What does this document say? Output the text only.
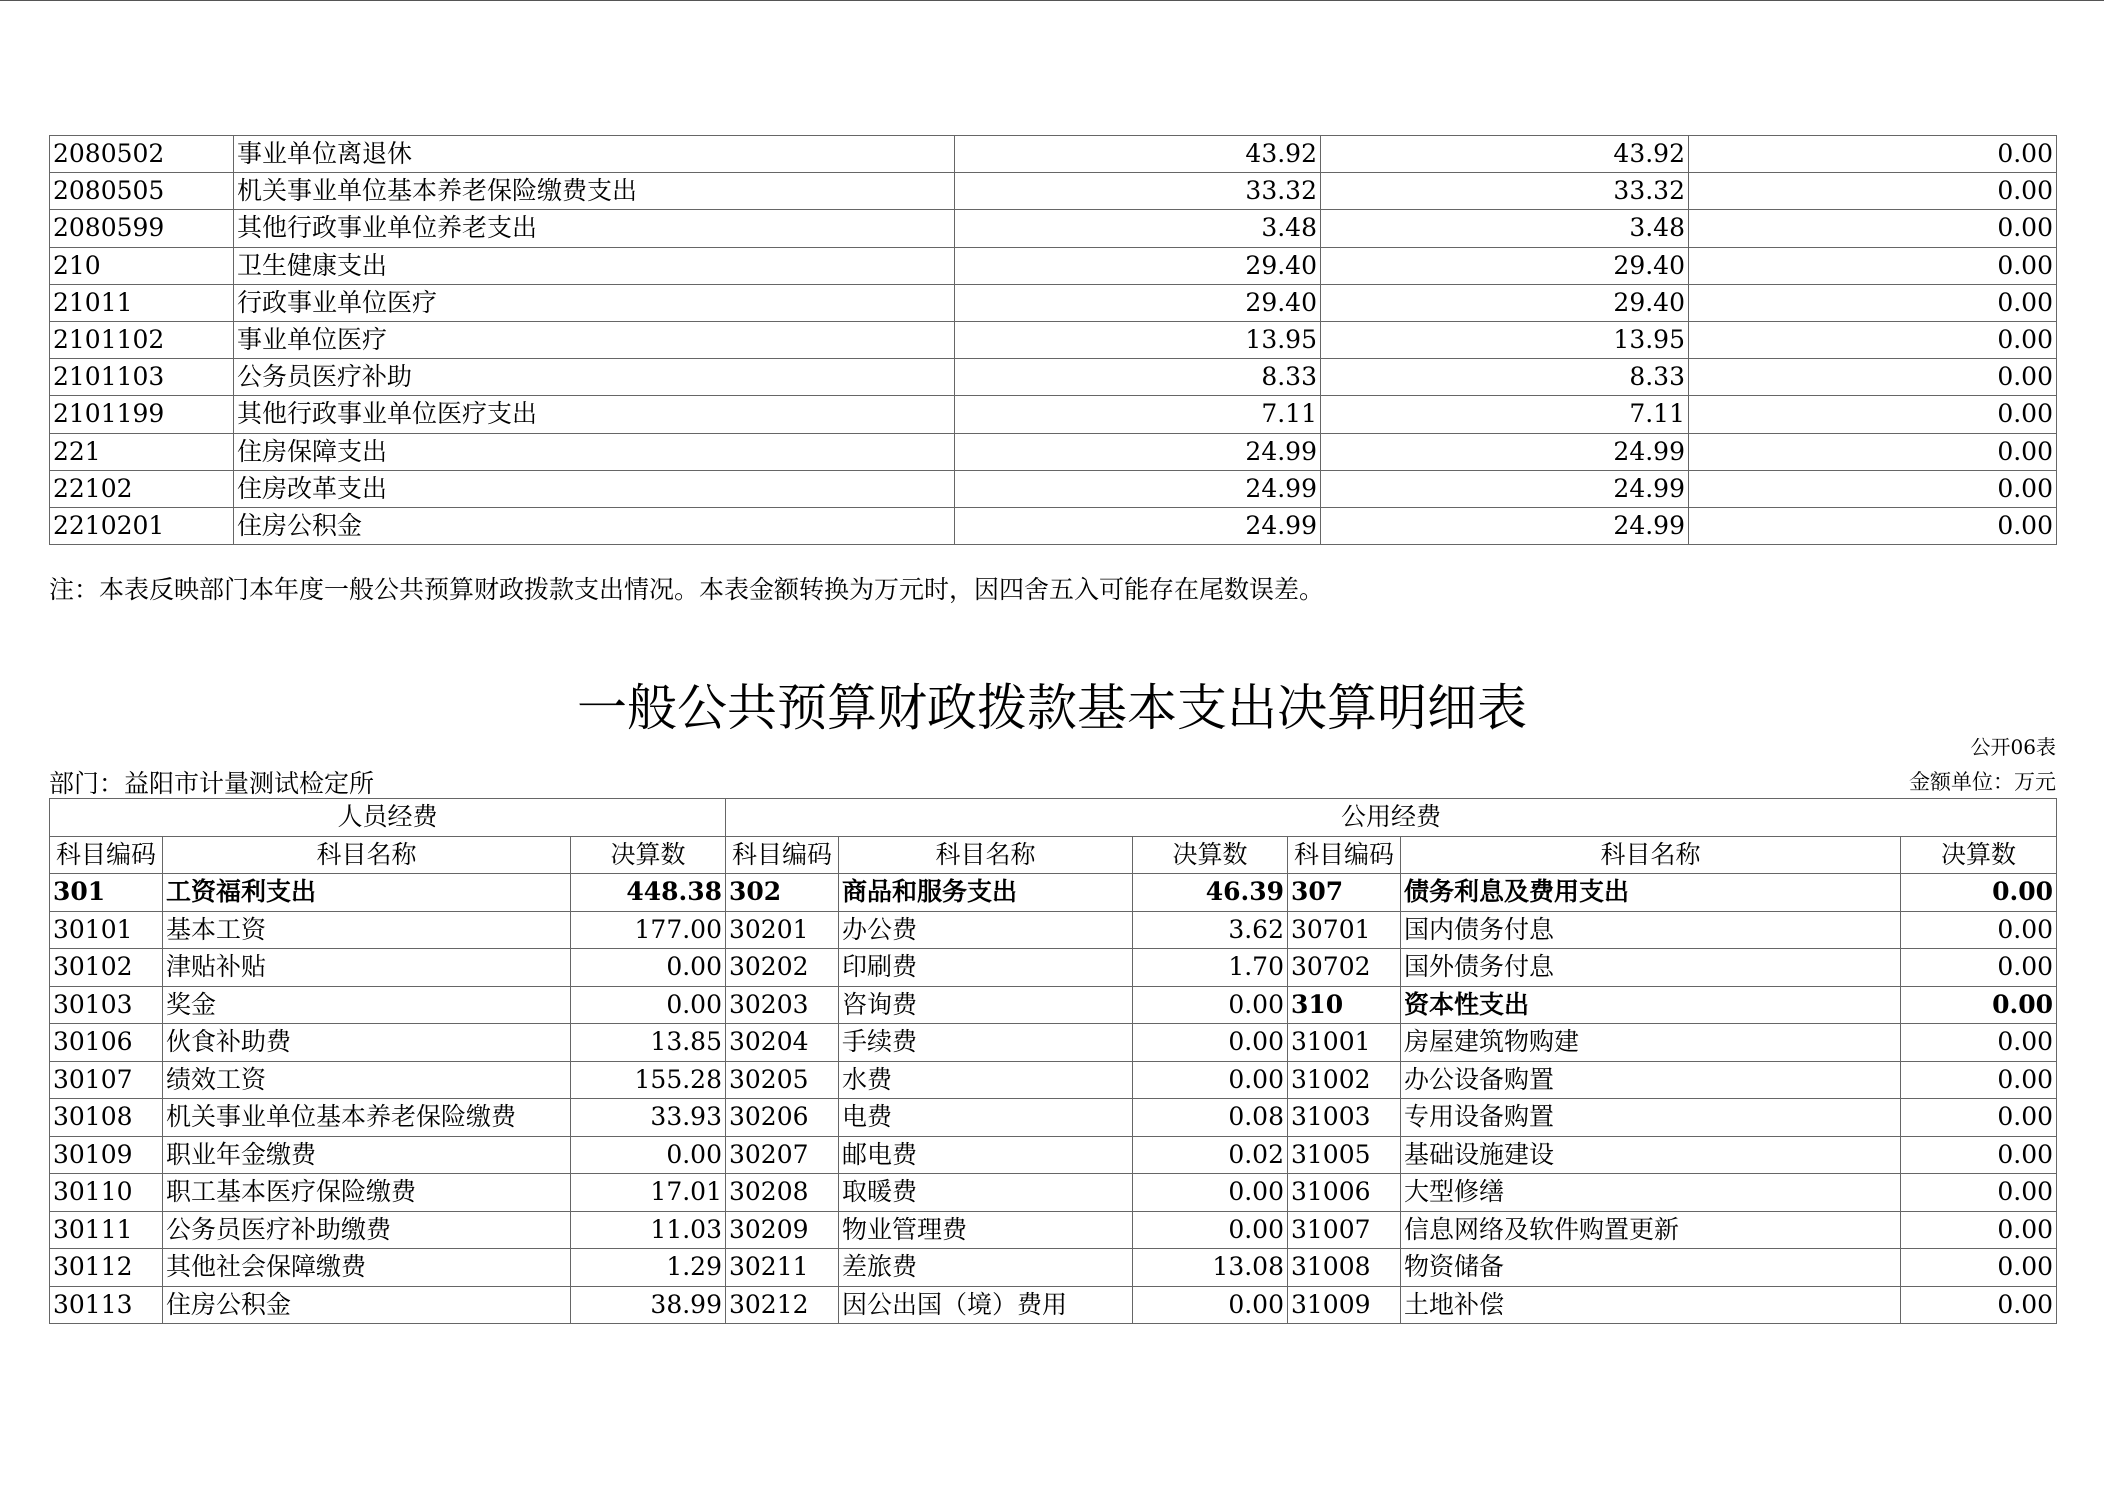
2080502	事业单位离退休	43.92	43.92	0.00
2080505	机关事业单位基本养老保险缴费支出	33.32	33.32	0.00
2080599	其他行政事业单位养老支出	3.48	3.48	0.00
210	卫生健康支出	29.40	29.40	0.00
21011	行政事业单位医疗	29.40	29.40	0.00
2101102	事业单位医疗	13.95	13.95	0.00
2101103	公务员医疗补助	8.33	8.33	0.00
2101199	其他行政事业单位医疗支出	7.11	7.11	0.00
221	住房保障支出	24.99	24.99	0.00
22102	住房改革支出	24.99	24.99	0.00
2210201	住房公积金	24.99	24.99	0.00
注：本表反映部门本年度一般公共预算财政拨款支出情况。本表金额转换为万元时，因四舍五入可能存在尾数误差。
一般公共预算财政拨款基本支出决算明细表
公开06表
部门：益阳市计量测试检定所	金额单位：万元
人员经费			公用经费					
科目编码	科目名称	决算数	科目编码	科目名称	决算数	科目编码	科目名称	决算数
301	工资福利支出	448.38	302	商品和服务支出	46.39	307	债务利息及费用支出	0.00
30101	基本工资	177.00	30201	办公费	3.62	30701	国内债务付息	0.00
30102	津贴补贴	0.00	30202	印刷费	1.70	30702	国外债务付息	0.00
30103	奖金	0.00	30203	咨询费	0.00	310	资本性支出	0.00
30106	伙食补助费	13.85	30204	手续费	0.00	31001	房屋建筑物购建	0.00
30107	绩效工资	155.28	30205	水费	0.00	31002	办公设备购置	0.00
30108	机关事业单位基本养老保险缴费	33.93	30206	电费	0.08	31003	专用设备购置	0.00
30109	职业年金缴费	0.00	30207	邮电费	0.02	31005	基础设施建设	0.00
30110	职工基本医疗保险缴费	17.01	30208	取暖费	0.00	31006	大型修缮	0.00
30111	公务员医疗补助缴费	11.03	30209	物业管理费	0.00	31007	信息网络及软件购置更新	0.00
30112	其他社会保障缴费	1.29	30211	差旅费	13.08	31008	物资储备	0.00
30113	住房公积金	38.99	30212	因公出国（境）费用	0.00	31009	土地补偿	0.00
